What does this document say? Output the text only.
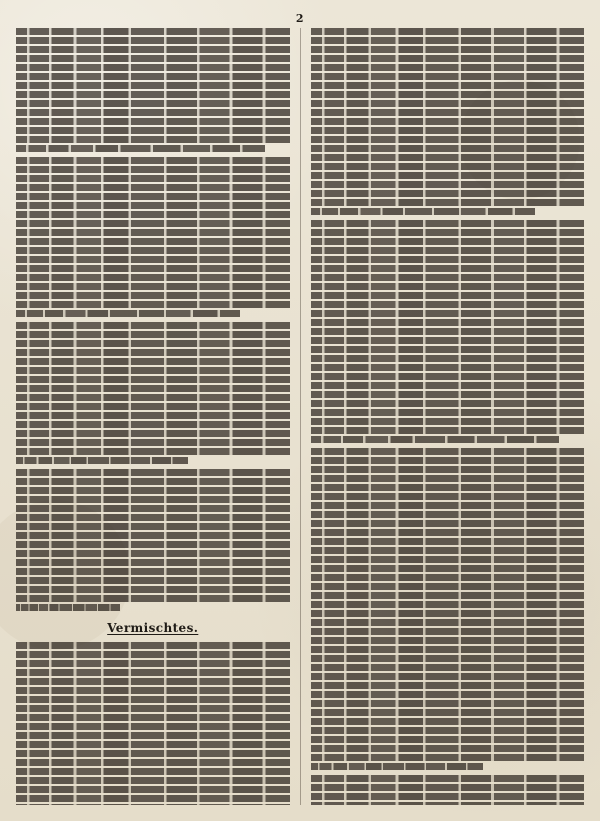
2
Vermischtes.
